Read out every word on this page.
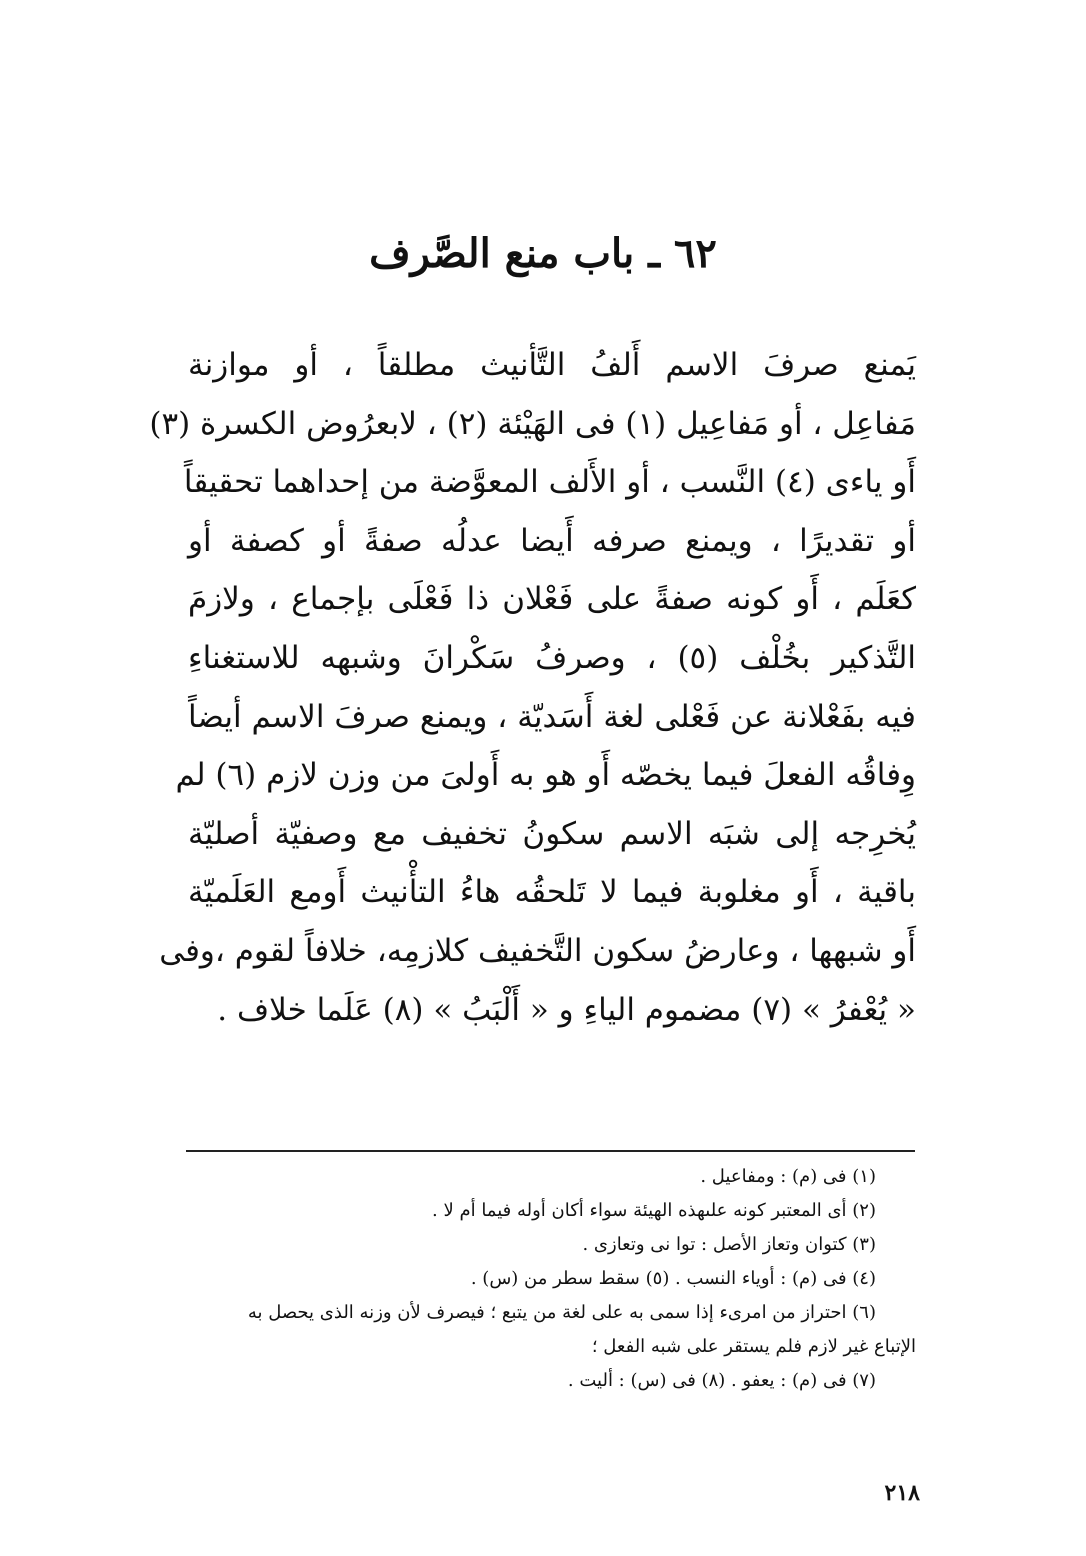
٦٢ ـ باب منع الصَّرف
يَمنع صرفَ الاسم أَلفُ التَّأنيث مطلقاً ، أو موازنة
مَفاعِل ، أو مَفاعِيل (١) فى الهَيْئة (٢) ، لابعرُوض الكسرة (٣)
أَو ياءى (٤) النَّسب ، أو الأَلف المعوَّضة من إحداهما تحقيقاً
أو تقديرًا ، ويمنع صرفه أَيضا عدلُه صفةً أو كصفة أو
كعَلَم ، أَو كونه صفةً على فَعْلان ذا فَعْلَى بإجماع ، ولازمَ
التَّذكير بخُلْف (٥) ، وصرفُ سَكْرانَ وشبهه للاستغناءِ
فيه بفَعْلانة عن فَعْلى لغة أَسَديّة ، ويمنع صرفَ الاسم أيضاً
وِفاقُه الفعلَ فيما يخصّه أَو هو به أَولىَ من وزن لازم (٦) لم
يُخرِجه إلى شبَه الاسم سكونُ تخفيف مع وصفيّة أصليّة
باقية ، أَو مغلوبة فيما لا تَلحقُه هاءُ التأْنيث أَومع العَلَميّة
أَو شبهها ، وعارضُ سكون التَّخفيف كلازمِه، خلافاً لقوم ،وفى
« يُعْفرُ » (٧) مضموم الياءِ و « أَلْبَبُ » (٨) عَلَما خلاف .
(١) فى (م) : ومفاعيل .
(٢) أى المعتبر كونه علىهذه الهيئة سواء أكان أوله فيما أم لا .
(٣) كتوان وتعاز الأصل : توا نى وتعازى .
(٤) فى (م) : أوياء النسب . (٥) سقط سطر من (س) .
(٦) احتراز من امرىء إذا سمى به على لغة من يتبع ؛ فيصرف لأن وزنه الذى يحصل به
الإتباع غير لازم فلم يستقر على شبه الفعل ؛
(٧) فى (م) : يعفو . (٨) فى (س) : أليت .
٢١٨
